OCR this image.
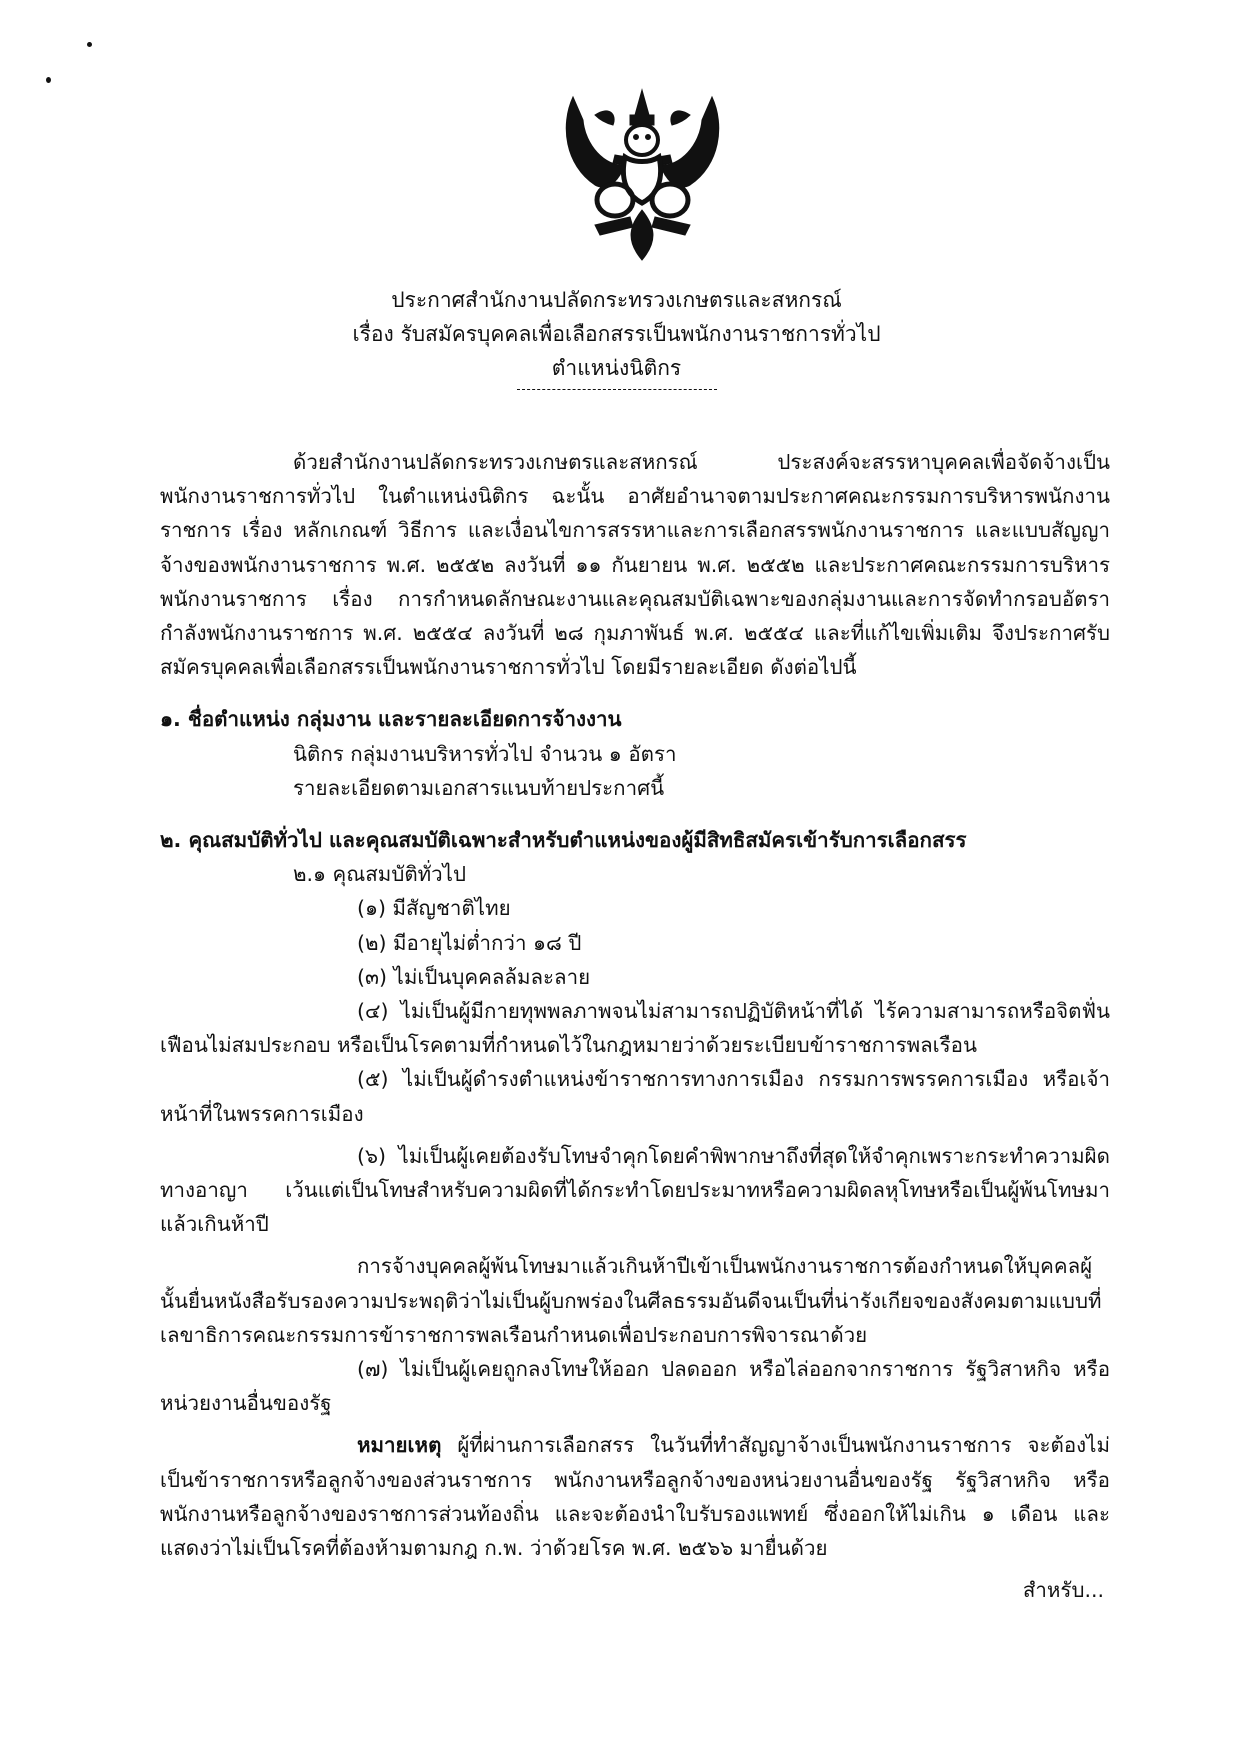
ประกาศสำนักงานปลัดกระทรวงเกษตรและสหกรณ์
เรื่อง รับสมัครบุคคลเพื่อเลือกสรรเป็นพนักงานราชการทั่วไป
ตำแหน่งนิติกร
ด้วยสำนักงานปลัดกระทรวงเกษตรและสหกรณ์ ประสงค์จะสรรหาบุคคลเพื่อจัดจ้างเป็นพนักงานราชการทั่วไป ในตำแหน่งนิติกร ฉะนั้น อาศัยอำนาจตามประกาศคณะกรรมการบริหารพนักงานราชการ เรื่อง หลักเกณฑ์ วิธีการ และเงื่อนไขการสรรหาและการเลือกสรรพนักงานราชการ และแบบสัญญาจ้างของพนักงานราชการ พ.ศ. ๒๕๕๒ ลงวันที่ ๑๑ กันยายน พ.ศ. ๒๕๕๒ และประกาศคณะกรรมการบริหารพนักงานราชการ เรื่อง การกำหนดลักษณะงานและคุณสมบัติเฉพาะของกลุ่มงานและการจัดทำกรอบอัตรากำลังพนักงานราชการ พ.ศ. ๒๕๕๔ ลงวันที่ ๒๘ กุมภาพันธ์ พ.ศ. ๒๕๕๔ และที่แก้ไขเพิ่มเติม จึงประกาศรับสมัครบุคคลเพื่อเลือกสรรเป็นพนักงานราชการทั่วไป โดยมีรายละเอียด ดังต่อไปนี้
๑. ชื่อตำแหน่ง กลุ่มงาน และรายละเอียดการจ้างงาน
นิติกร กลุ่มงานบริหารทั่วไป จำนวน ๑ อัตรา
รายละเอียดตามเอกสารแนบท้ายประกาศนี้
๒. คุณสมบัติทั่วไป และคุณสมบัติเฉพาะสำหรับตำแหน่งของผู้มีสิทธิสมัครเข้ารับการเลือกสรร
๒.๑ คุณสมบัติทั่วไป
(๑) มีสัญชาติไทย
(๒) มีอายุไม่ต่ำกว่า ๑๘ ปี
(๓) ไม่เป็นบุคคลล้มละลาย
(๔) ไม่เป็นผู้มีกายทุพพลภาพจนไม่สามารถปฏิบัติหน้าที่ได้ ไร้ความสามารถหรือจิตฟั่นเฟือนไม่สมประกอบ หรือเป็นโรคตามที่กำหนดไว้ในกฎหมายว่าด้วยระเบียบข้าราชการพลเรือน
(๕) ไม่เป็นผู้ดำรงตำแหน่งข้าราชการทางการเมือง กรรมการพรรคการเมือง หรือเจ้าหน้าที่ในพรรคการเมือง
(๖) ไม่เป็นผู้เคยต้องรับโทษจำคุกโดยคำพิพากษาถึงที่สุดให้จำคุกเพราะกระทำความผิดทางอาญา เว้นแต่เป็นโทษสำหรับความผิดที่ได้กระทำโดยประมาทหรือความผิดลหุโทษหรือเป็นผู้พ้นโทษมาแล้วเกินห้าปี
การจ้างบุคคลผู้พ้นโทษมาแล้วเกินห้าปีเข้าเป็นพนักงานราชการต้องกำหนดให้บุคคลผู้นั้นยื่นหนังสือรับรองความประพฤติว่าไม่เป็นผู้บกพร่องในศีลธรรมอันดีจนเป็นที่น่ารังเกียจของสังคมตามแบบที่เลขาธิการคณะกรรมการข้าราชการพลเรือนกำหนดเพื่อประกอบการพิจารณาด้วย
(๗) ไม่เป็นผู้เคยถูกลงโทษให้ออก ปลดออก หรือไล่ออกจากราชการ รัฐวิสาหกิจ หรือหน่วยงานอื่นของรัฐ
หมายเหตุ ผู้ที่ผ่านการเลือกสรร ในวันที่ทำสัญญาจ้างเป็นพนักงานราชการ จะต้องไม่เป็นข้าราชการหรือลูกจ้างของส่วนราชการ พนักงานหรือลูกจ้างของหน่วยงานอื่นของรัฐ รัฐวิสาหกิจ หรือพนักงานหรือลูกจ้างของราชการส่วนท้องถิ่น และจะต้องนำใบรับรองแพทย์ ซึ่งออกให้ไม่เกิน ๑ เดือน และแสดงว่าไม่เป็นโรคที่ต้องห้ามตามกฎ ก.พ. ว่าด้วยโรค พ.ศ. ๒๕๖๖ มายื่นด้วย
สำหรับ...
